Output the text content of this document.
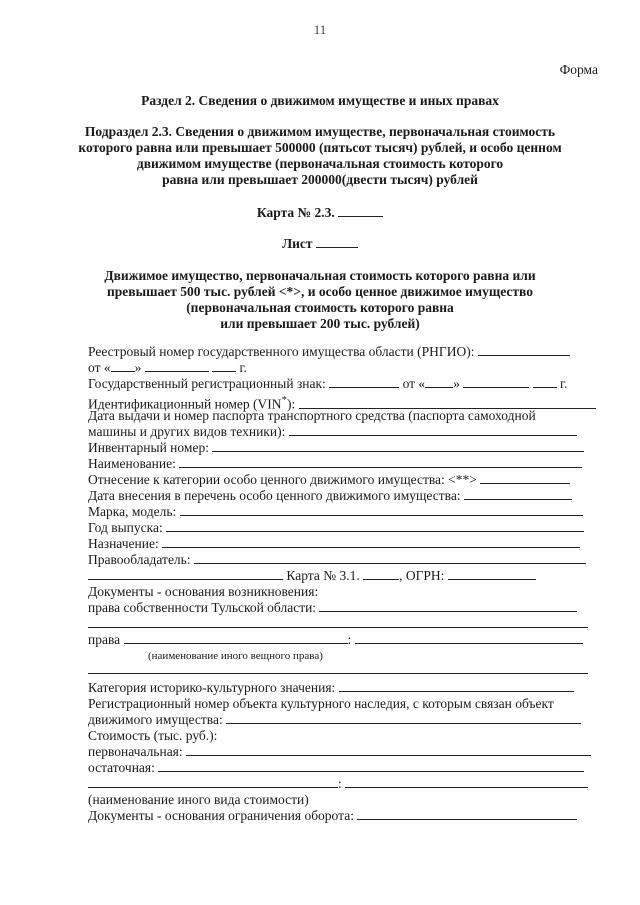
11
Форма
Раздел 2. Сведения о движимом имуществе и иных правах
Подраздел 2.3. Сведения о движимом имуществе, первоначальная стоимость
которого равна или превышает 500000 (пятьсот тысяч) рублей, и особо ценном
движимом имуществе (первоначальная стоимость которого
равна или превышает 200000(двести тысяч) рублей
Карта № 2.3.
Лист
Движимое имущество, первоначальная стоимость которого равна или
превышает 500 тыс. рублей <*>, и особо ценное движимое имущество
(первоначальная стоимость которого равна
или превышает 200 тыс. рублей)
Реестровый номер государственного имущества области (РНГИО):
от « »	г.
Государственный регистрационный знак:	от « »	г.
Идентификационный номер (VIN*):
Дата выдачи и номер паспорта транспортного средства (паспорта самоходной
машины и других видов техники):
Инвентарный номер:
Наименование:
Отнесение к категории особо ценного движимого имущества: <**>
Дата внесения в перечень особо ценного движимого имущества:
Марка, модель:
Год выпуска:
Назначение:
Правообладатель:
Карта № 3.1.	, ОГРН:
Документы - основания возникновения:
права собственности Тульской области:
права	:
(наименование иного вещного права)
Категория историко-культурного значения:
Регистрационный номер объекта культурного наследия, с которым связан объект
движимого имущества:
Стоимость (тыс. руб.):
первоначальная:
остаточная:
:
(наименование иного вида стоимости)
Документы - основания ограничения оборота:
